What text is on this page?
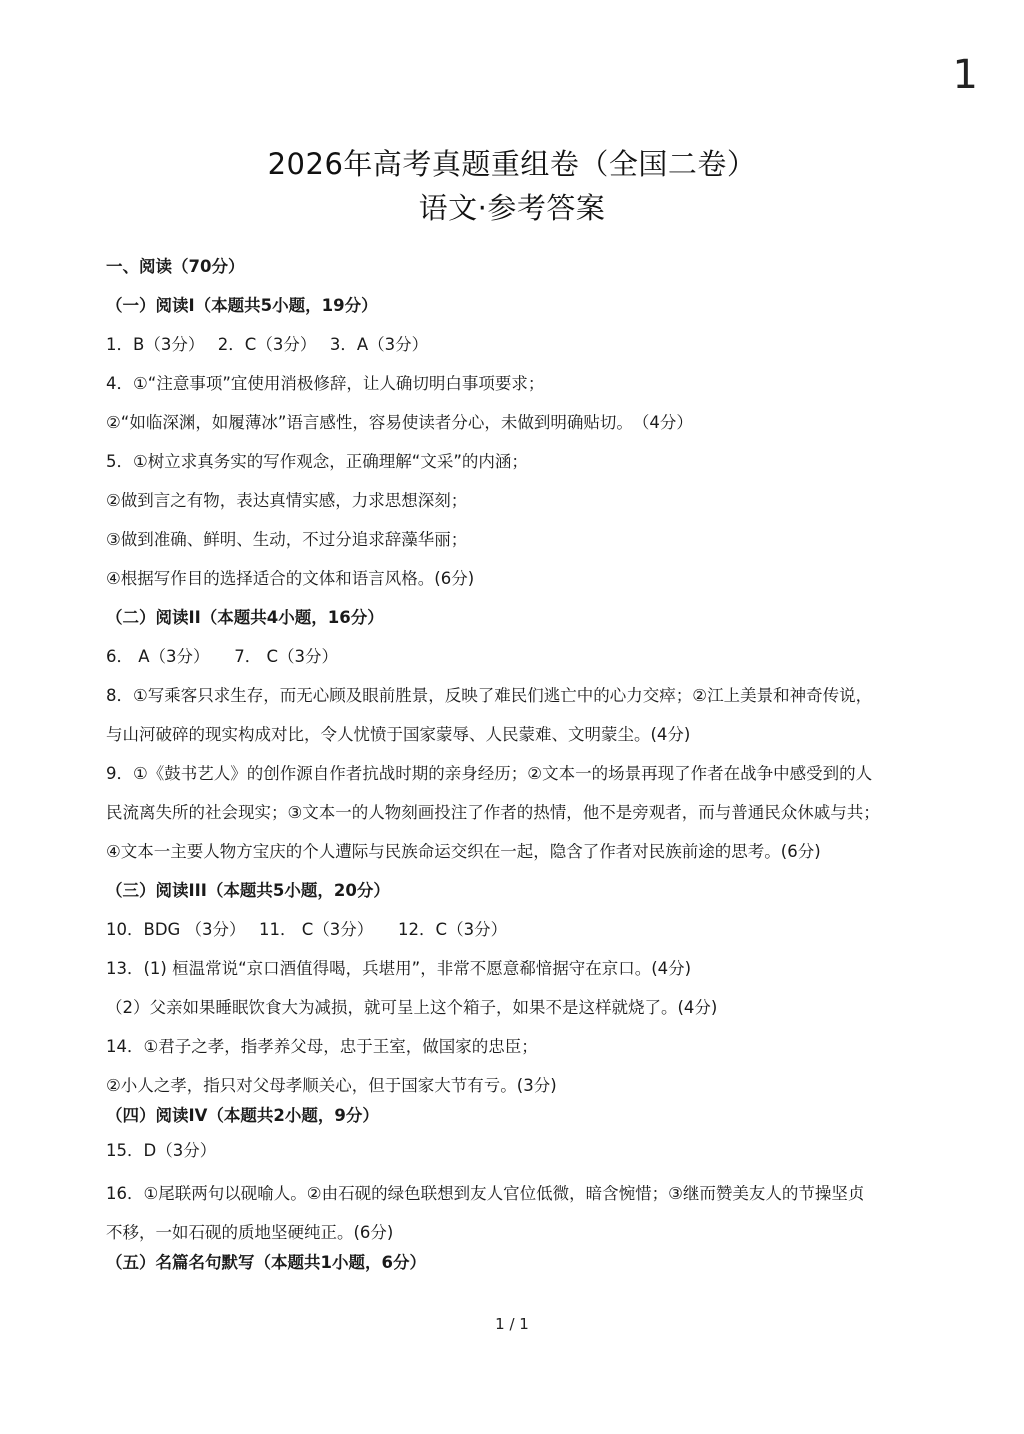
1
2026年高考真题重组卷（全国二卷）
语文·参考答案
一、阅读（70分）
（一）阅读I（本题共5小题，19分）
1．B（3分）　 2．C（3分）　 3．A（3分）
4．①“注意事项”宜使用消极修辞，让人确切明白事项要求；
②“如临深渊，如履薄冰”语言感性，容易使读者分心，未做到明确贴切。　（4分）
5．①树立求真务实的写作观念，正确理解“文采”的内涵；
②做到言之有物，表达真情实感，力求思想深刻；
③做到准确、鲜明、生动，不过分追求辞藻华丽；
④根据写作目的选择适合的文体和语言风格。(6分)
（二）阅读II（本题共4小题，16分）
6． A（3分）　　7． C（3分）
8．①写乘客只求生存，而无心顾及眼前胜景，反映了难民们逃亡中的心力交瘁；②江上美景和神奇传说，
与山河破碎的现实构成对比，令人忧愤于国家蒙辱、人民蒙难、文明蒙尘。(4分)
9．①《鼓书艺人》的创作源自作者抗战时期的亲身经历；②文本一的场景再现了作者在战争中感受到的人
民流离失所的社会现实；③文本一的人物刻画投注了作者的热情，他不是旁观者，而与普通民众休戚与共；
④文本一主要人物方宝庆的个人遭际与民族命运交织在一起，隐含了作者对民族前途的思考。(6分)
（三）阅读III（本题共5小题，20分）
10．BDG （3分）　 11． C（3分）　　12．C（3分）
13．(1) 桓温常说“京口酒值得喝，兵堪用”，非常不愿意郗愔据守在京口。(4分)
（2）父亲如果睡眠饮食大为减损，就可呈上这个箱子，如果不是这样就烧了。(4分)
14．①君子之孝，指孝养父母，忠于王室，做国家的忠臣；
②小人之孝，指只对父母孝顺关心，但于国家大节有亏。(3分)
（四）阅读IV（本题共2小题，9分）
15．D（3分）
16．①尾联两句以砚喻人。②由石砚的绿色联想到友人官位低微，暗含惋惜；③继而赞美友人的节操坚贞
不移，一如石砚的质地坚硬纯正。(6分)
（五）名篇名句默写（本题共1小题，6分）
1 / 1
